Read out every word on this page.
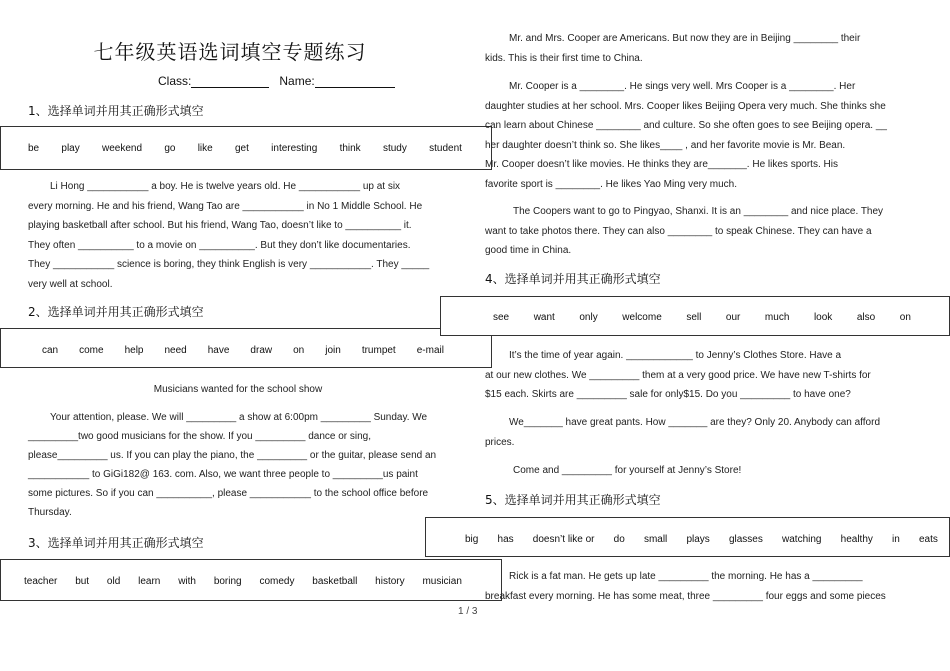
七年级英语选词填空专题练习
Class:	Name:
1、选择单词并用其正确形式填空
be play weekend go like get interesting think study student
Li Hong ___________ a boy. He is twelve years old. He ___________ up at six
every morning. He and his friend, Wang Tao are ___________ in No 1 Middle School. He
playing basketball after school. But his friend, Wang Tao, doesn’t like to __________ it.
They often __________ to a movie on __________. But they don’t like documentaries.
They ___________ science is boring, they think English is very ___________. They _____
very well at school.
2、选择单词并用其正确形式填空
can come help need have draw on join trumpet e-mail
Musicians wanted for the school show
Your attention, please. We will _________ a show at 6:00pm _________ Sunday. We
_________two good musicians for the show. If you _________ dance or sing,
please_________ us. If you can play the piano, the _________ or the guitar, please send an
___________ to GiGi182@ 163. com. Also, we want three people to _________us paint
some pictures. So if you can __________, please ___________ to the school office before
Thursday.
3、选择单词并用其正确形式填空
teacher but old learn with boring comedy basketball history musician
Mr. and Mrs. Cooper are Americans. But now they are in Beijing ________ their
kids. This is their first time to China.
Mr. Cooper is a ________. He sings very well. Mrs Cooper is a ________. Her
daughter studies at her school. Mrs. Cooper likes Beijing Opera very much. She thinks she
can learn about Chinese ________ and culture. So she often goes to see Beijing opera. __
her daughter doesn’t think so. She likes____ , and her favorite movie is Mr. Bean.
Mr. Cooper doesn’t like movies. He thinks they are_______. He likes sports. His
favorite sport is ________. He likes Yao Ming very much.
The Coopers want to go to Pingyao, Shanxi. It is an ________ and nice place. They
want to take photos there. They can also ________ to speak Chinese. They can have a
good time in China.
4、选择单词并用其正确形式填空
see want only welcome sell our much look also on
It’s the time of year again. ____________ to Jenny’s Clothes Store. Have a
at our new clothes. We _________ them at a very good price. We have new T-shirts for
$15 each. Skirts are _________ sale for only$15. Do you _________ to have one?
We_______ have great pants. How _______ are they? Only 20. Anybody can afford
prices.
Come and _________ for yourself at Jenny’s Store!
5、选择单词并用其正确形式填空
big has doesn’t like or do small plays glasses watching healthy in eats
Rick is a fat man. He gets up late _________ the morning. He has a _________
breakfast every morning. He has some meat, three _________ four eggs and some pieces
1 / 3
